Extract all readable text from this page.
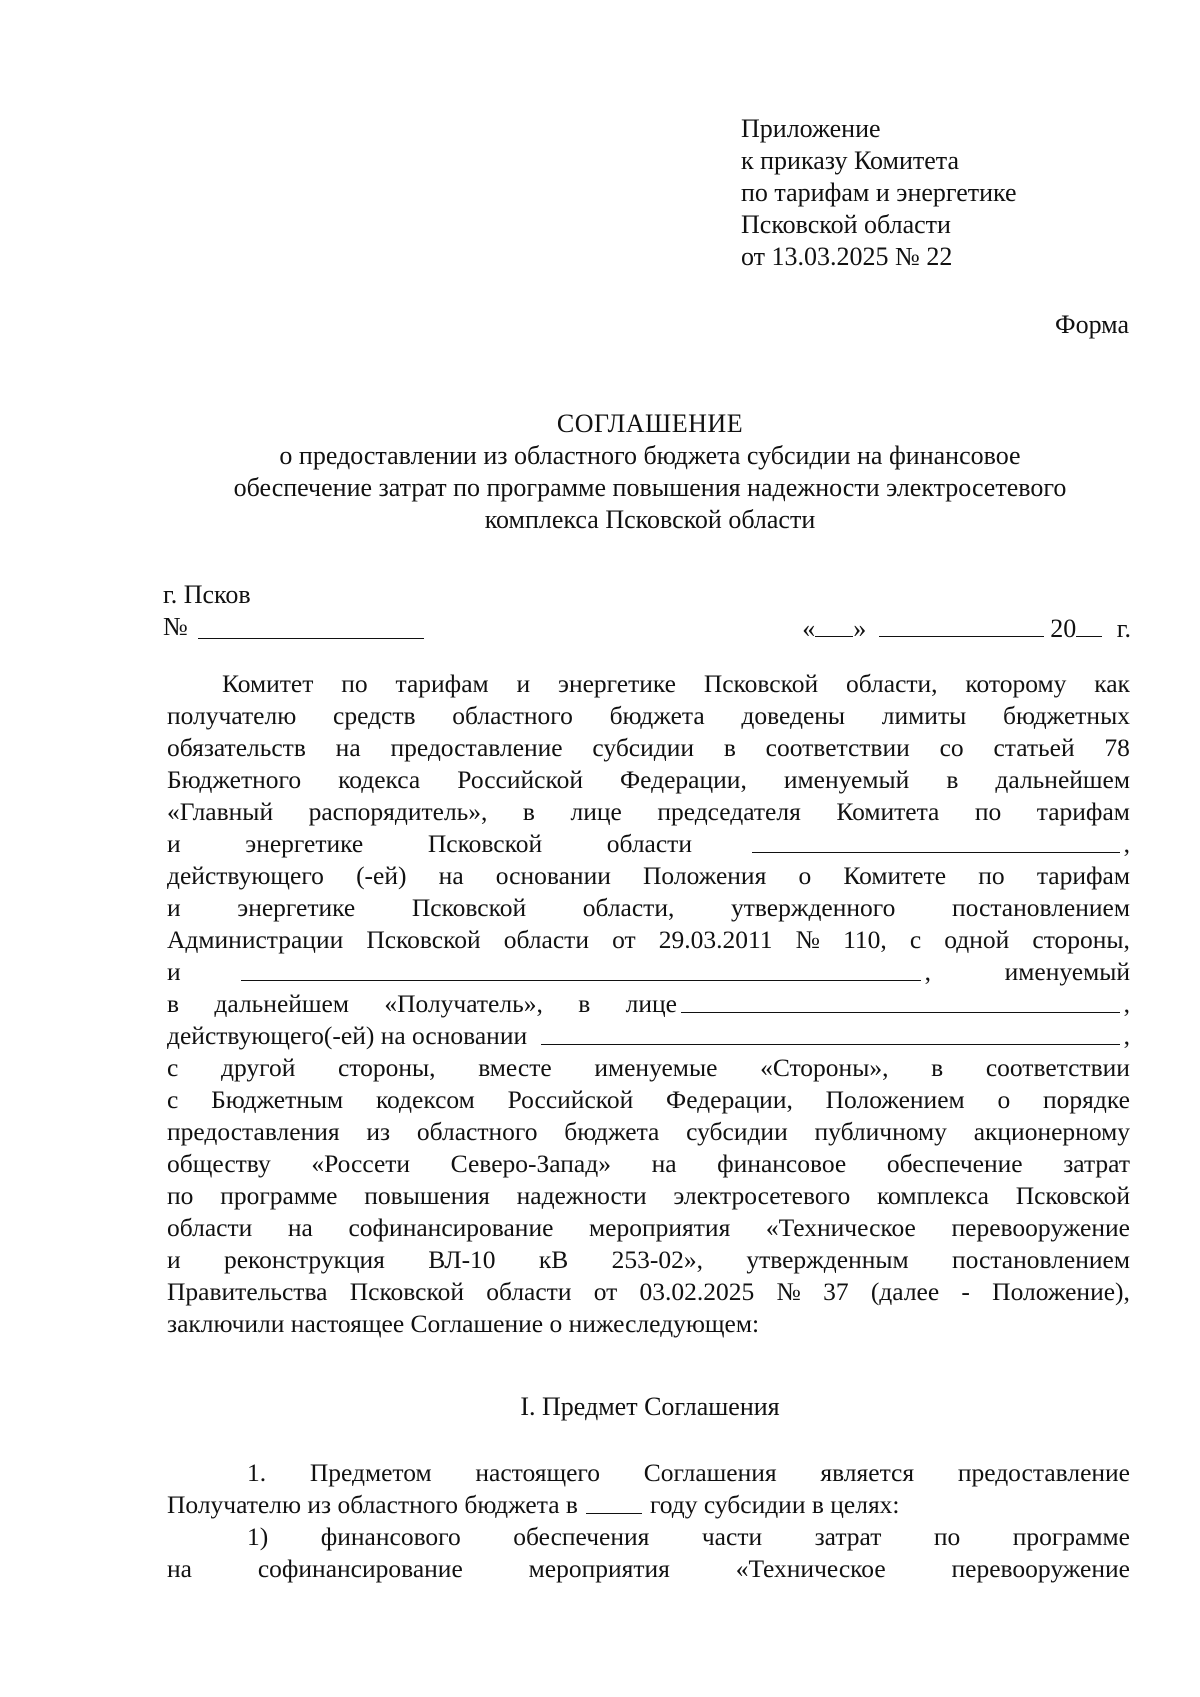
Приложение
к приказу Комитета
по тарифам и энергетике
Псковской области
от 13.03.2025 № 22
Форма
СОГЛАШЕНИЕ
о предоставлении из областного бюджета субсидии на финансовое
обеспечение затрат по программе повышения надежности электросетевого
комплекса Псковской области
г. Псков
№	« »	20 г.
Комитет по тарифам и энергетике Псковской области, которому как
получателю средств областного бюджета доведены лимиты бюджетных
обязательств на предоставление субсидии в соответствии со статьей 78
Бюджетного кодекса Российской Федерации, именуемый в дальнейшем
«Главный распорядитель», в лице председателя Комитета по тарифам
и	энергетике	Псковской	области	,
действующего (-ей) на основании Положения о Комитете по тарифам
и энергетике Псковской области, утвержденного постановлением
Администрации Псковской области от 29.03.2011 № 110, с одной стороны,
и	,	именуемый
в дальнейшем «Получатель», в лице	,
действующего(-ей) на основании	,
с другой стороны, вместе именуемые «Стороны», в соответствии
с Бюджетным кодексом Российской Федерации, Положением о порядке
предоставления из областного бюджета субсидии публичному акционерному
обществу «Россети Северо-Запад» на финансовое обеспечение затрат
по программе повышения надежности электросетевого комплекса Псковской
области на софинансирование мероприятия «Техническое перевооружение
и реконструкция ВЛ-10 кВ 253-02», утвержденным постановлением
Правительства Псковской области от 03.02.2025 № 37 (далее - Положение),
заключили настоящее Соглашение о нижеследующем:
I. Предмет Соглашения
1. Предметом настоящего Соглашения является предоставление
Получателю из областного бюджета в	году субсидии в целях:
1) финансового обеспечения части затрат по программе
на	софинансирование	мероприятия	«Техническое	перевооружение
